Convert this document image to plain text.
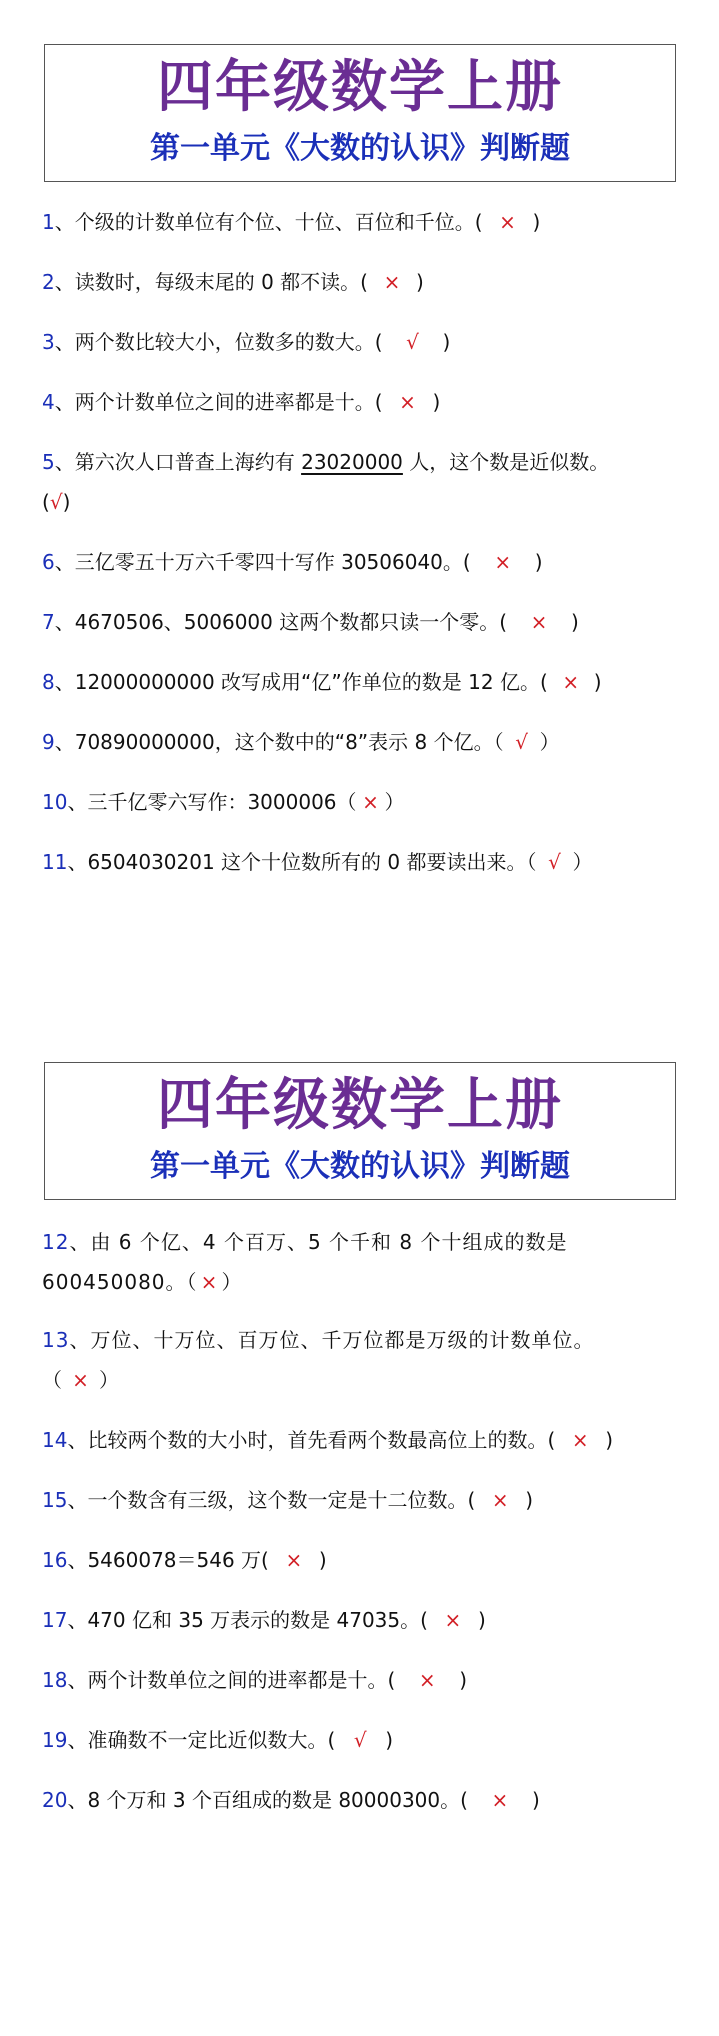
四年级数学上册
第一单元《大数的认识》判断题
1、个级的计数单位有个位、十位、百位和千位。( × )
2、读数时，每级末尾的 0 都不读。( × )
3、两个数比较大小，位数多的数大。( √ )
4、两个计数单位之间的进率都是十。( × )
5、第六次人口普查上海约有 23020000 人，这个数是近似数。
(√)
6、三亿零五十万六千零四十写作 30506040。( × )
7、4670506、5006000 这两个数都只读一个零。( × )
8、12000000000 改写成用“亿”作单位的数是 12 亿。( × )
9、70890000000，这个数中的“8”表示 8 个亿。（ √ ）
10、三千亿零六写作：3000006（ × ）
11、6504030201 这个十位数所有的 0 都要读出来。（ √ ）
四年级数学上册
第一单元《大数的认识》判断题
12、由 6 个亿、4 个百万、5 个千和 8 个十组成的数是
600450080。（ × ）
13、万位、十万位、百万位、千万位都是万级的计数单位。
（ × ）
14、比较两个数的大小时，首先看两个数最高位上的数。( × )
15、一个数含有三级，这个数一定是十二位数。( × )
16、5460078＝546 万( × )
17、470 亿和 35 万表示的数是 47035。( × )
18、两个计数单位之间的进率都是十。( × )
19、准确数不一定比近似数大。( √ )
20、8 个万和 3 个百组成的数是 80000300。( × )
